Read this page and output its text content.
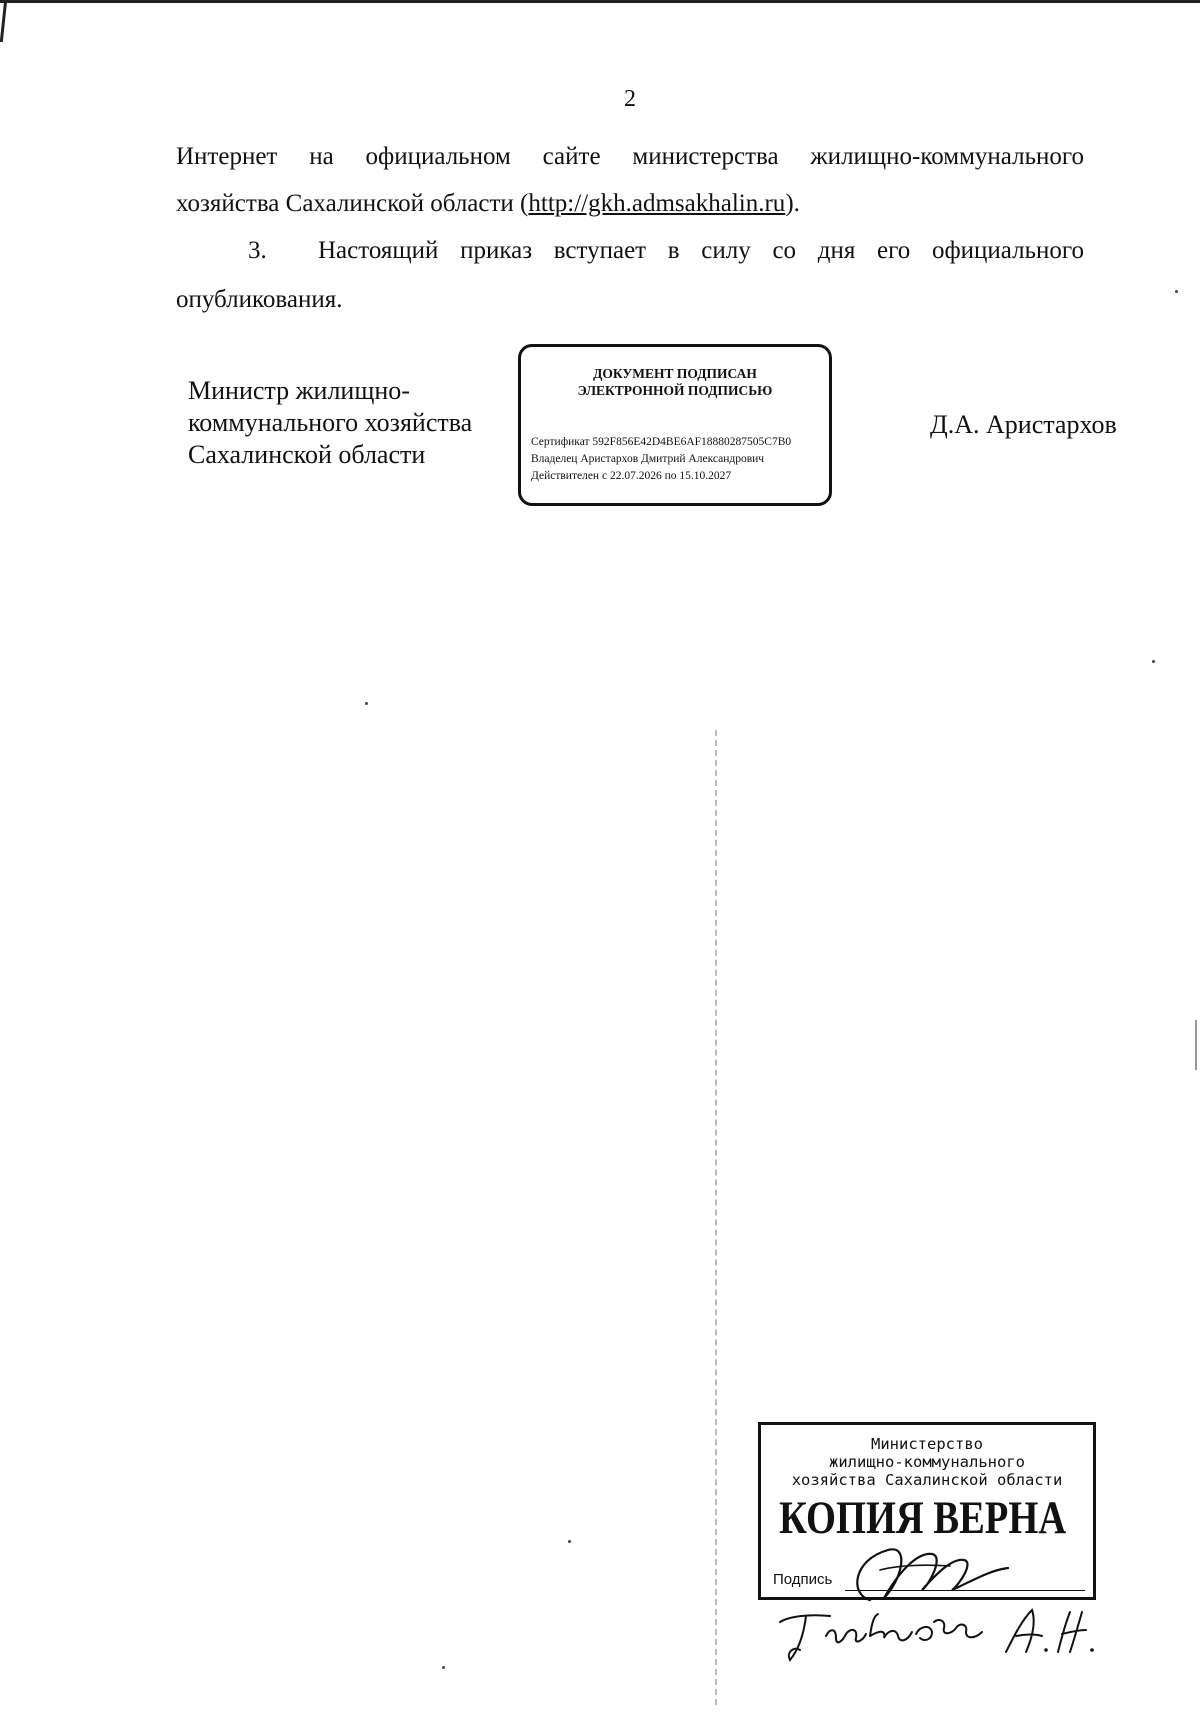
2
Интернет на официальном сайте министерства жилищно-коммунального
хозяйства Сахалинской области (http://gkh.admsakhalin.ru).
3.	Настоящий приказ вступает в силу со дня его официального
опубликования.
Министр жилищно-
коммунального хозяйства
Сахалинской области
ДОКУМЕНТ ПОДПИСАН
ЭЛЕКТРОННОЙ ПОДПИСЬЮ
Сертификат 592F856E42D4BE6AF18880287505C7B0
Владелец Аристархов Дмитрий Александрович
Действителен с 22.07.2026 по 15.10.2027
Д.А. Аристархов
Министерство
жилищно-коммунального
хозяйства Сахалинской области
КОПИЯ ВЕРНА
Подпись
